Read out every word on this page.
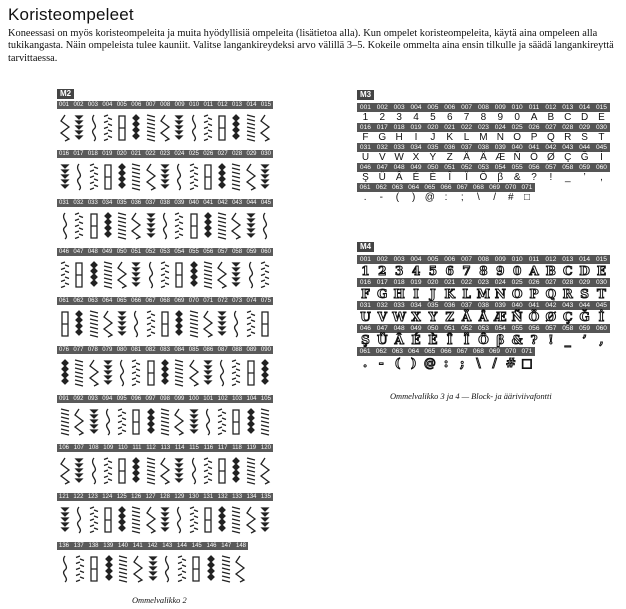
Koristeompeleet
Koneessasi on myös koristeompeleita ja muita hyödyllisiä ompeleita (lisätietoa alla). Kun ompelet koristeompeleita, käytä aina ompeleen alla tukikangasta. Näin ompeleista tulee kauniit. Valitse langankireydeksi arvo välillä 3–5. Kokeile ommelta aina ensin tilkulle ja säädä langankireyttä tarvittaessa.
M2
001 002 003 004 005 006 007 008 009 010 011 012 013 014 015
016 017 018 019 020 021 022 023 024 025 026 027 028 029 030
031 032 033 034 035 036 037 038 039 040 041 042 043 044 045
046 047 048 049 050 051 052 053 054 055 056 057 058 059 060
061 062 063 064 065 066 067 068 069 070 071 072 073 074 075
076 077 078 079 080 081 082 083 084 085 086 087 088 089 090
091 092 093 094 095 096 097 098 099 100 101 102 103 104 105
106 107 108 109 110 111 112 113 114 115 116 117 118 119 120
121 122 123 124 125 126 127 128 129 130 131 132 133 134 135
136 137 138 139 140 141 142 143 144 145 146 147 148
Ommelvalikko 2
M3
001 002 003 004 005 006 007 008 009 010 011 012 013 014 015
1	2	3	4	5	6	7	8	9	0	A	B C D E
016 017 018 019 020 021 022 023 024 025 026 027 028 029 030
F G H	I	J	K	L M N O P Q R S	T
031 032 033 034 035 036 037 038 039 040 041 042 043 044 045
U V W X	Y	Z	Ä	Ä Æ Ñ Ö Ø Ç Ğ	İ
046 047 048 049 050 051 052 053 054 055 056 057 058 059 060
Ş Ü Â	É	È	Î	Ï	Ô	β	&	?	!	_	’	,
061 062 063 064 065 066 067 068 069 070 071
.	-	(	) @ :	;	\	/	#	□
M4
001 002 003 004 005 006 007 008 009 010 011 012 013 014 015
1 2 3 4 5 6 7 8 9 0 A B C D E
016 017 018 019 020 021 022 023 024 025 026 027 028 029 030
F G H I J K L M N O P Q R S T
031 032 033 034 035 036 037 038 039 040 041 042 043 044 045
U V W X Y Z Ä Å Æ Ñ Ö Ø Ç Ğ İ
046 047 048 049 050 051 052 053 054 055 056 057 058 059 060
Ş Ü Â É È Î Ï Ô β & ? ! _ ’	,
061 062 063 064 065 066 067 068 069 070 071
. - ( ) @ : ; \ / # □
Ommelvalikko 3 ja 4 — Block- ja ääriviivafontti
